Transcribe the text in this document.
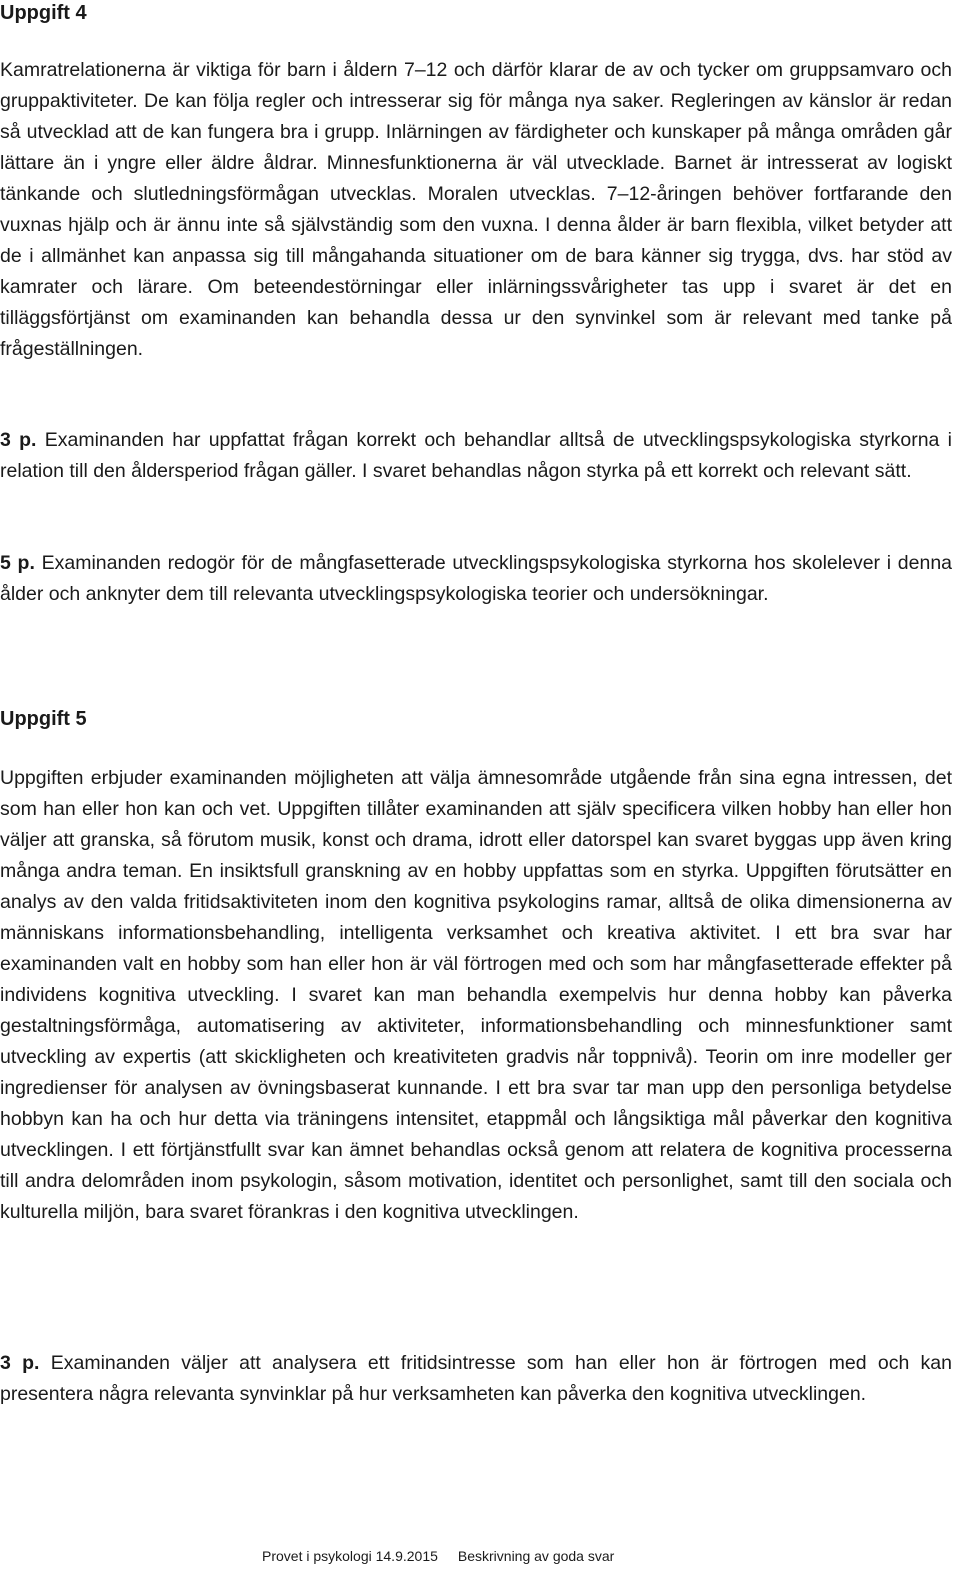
Uppgift 4

Kamratrelationerna är viktiga för barn i åldern 7–12 och därför klarar de av och tycker om gruppsamvaro och gruppaktiviteter. De kan följa regler och intresserar sig för många nya saker. Regleringen av känslor är redan så utvecklad att de kan fungera bra i grupp. Inlärningen av färdigheter och kunskaper på många områden går lättare än i yngre eller äldre åldrar. Minnesfunktionerna är väl utvecklade. Barnet är intresserat av logiskt tänkande och slutledningsförmågan utvecklas. Moralen utvecklas. 7–12-åringen behöver fortfarande den vuxnas hjälp och är ännu inte så självständig som den vuxna. I denna ålder är barn flexibla, vilket betyder att de i allmänhet kan anpassa sig till mångahanda situationer om de bara känner sig trygga, dvs. har stöd av kamrater och lärare. Om beteendestörningar eller inlärningssvårigheter tas upp i svaret är det en tilläggsförtjänst om examinanden kan behandla dessa ur den synvinkel som är relevant med tanke på frågeställningen.

3 p. Examinanden har uppfattat frågan korrekt och behandlar alltså de utvecklingspsykologiska styrkorna i relation till den åldersperiod frågan gäller. I svaret behandlas någon styrka på ett korrekt och relevant sätt.

5 p. Examinanden redogör för de mångfasetterade utvecklingspsykologiska styrkorna hos skolelever i denna ålder och anknyter dem till relevanta utvecklingspsykologiska teorier och undersökningar.

Uppgift 5

Uppgiften erbjuder examinanden möjligheten att välja ämnesområde utgående från sina egna intressen, det som han eller hon kan och vet. Uppgiften tillåter examinanden att själv specificera vilken hobby han eller hon väljer att granska, så förutom musik, konst och drama, idrott eller datorspel kan svaret byggas upp även kring många andra teman. En insiktsfull granskning av en hobby uppfattas som en styrka. Uppgiften förutsätter en analys av den valda fritidsaktiviteten inom den kognitiva psykologins ramar, alltså de olika dimensionerna av människans informationsbehandling, intelligenta verksamhet och kreativa aktivitet. I ett bra svar har examinanden valt en hobby som han eller hon är väl förtrogen med och som har mångfasetterade effekter på individens kognitiva utveckling. I svaret kan man behandla exempelvis hur denna hobby kan påverka gestaltningsförmåga, automatisering av aktiviteter, informationsbehandling och minnesfunktioner samt utveckling av expertis (att skickligheten och kreativiteten gradvis når toppnivå). Teorin om inre modeller ger ingredienser för analysen av övningsbaserat kunnande. I ett bra svar tar man upp den personliga betydelse hobbyn kan ha och hur detta via träningens intensitet, etappmål och långsiktiga mål påverkar den kognitiva utvecklingen. I ett förtjänstfullt svar kan ämnet behandlas också genom att relatera de kognitiva processerna till andra delområden inom psykologin, såsom motivation, identitet och personlighet, samt till den sociala och kulturella miljön, bara svaret förankras i den kognitiva utvecklingen.

3 p. Examinanden väljer att analysera ett fritidsintresse som han eller hon är förtrogen med och kan presentera några relevanta synvinklar på hur verksamheten kan påverka den kognitiva utvecklingen.

Provet i psykologi 14.9.2015 Beskrivning av goda svar
